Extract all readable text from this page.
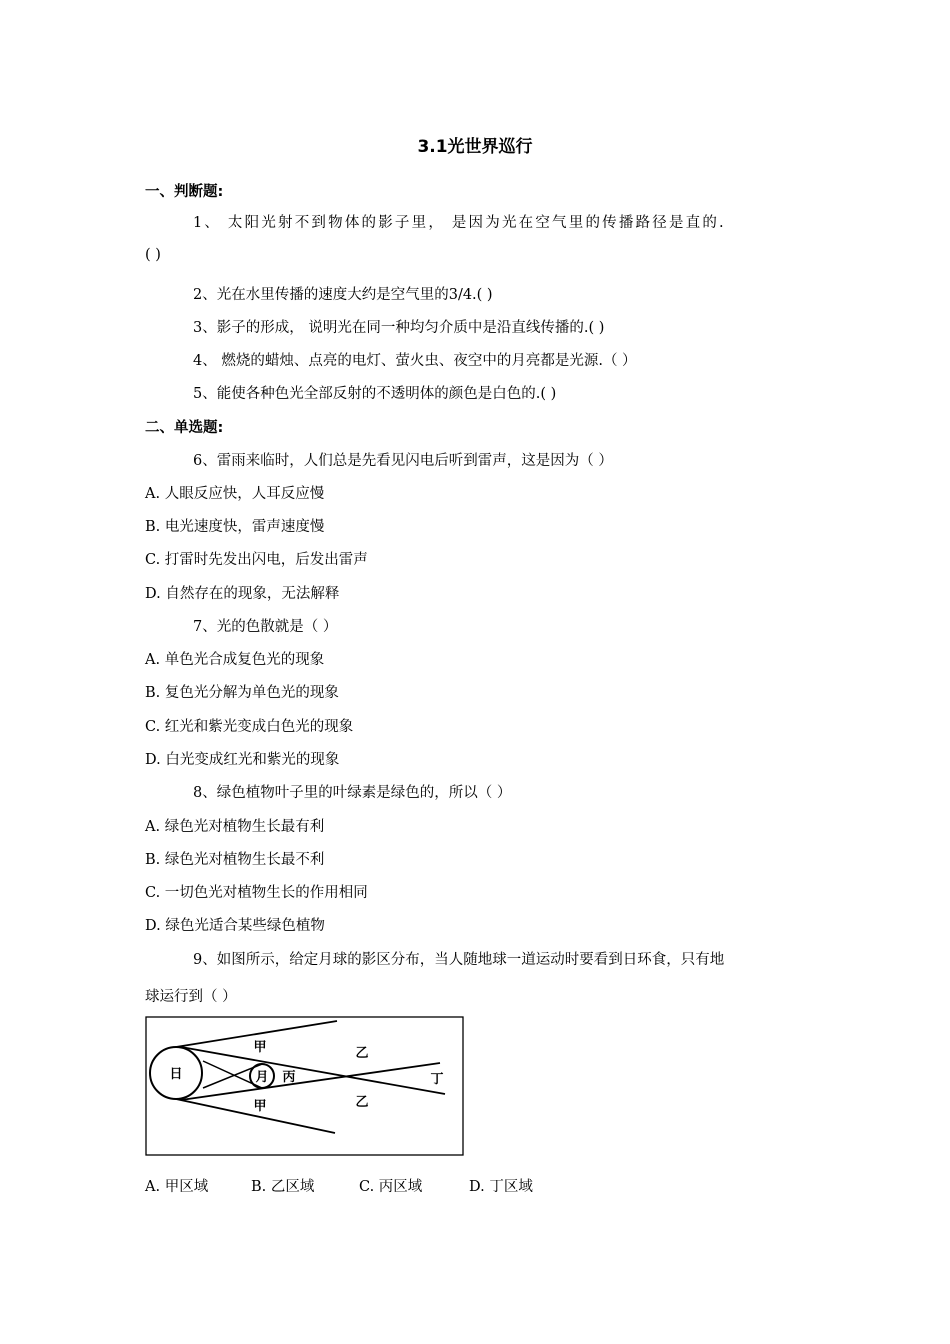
3.1光世界巡行
一、判断题:
1、 太阳光射不到物体的影子里， 是因为光在空气里的传播路径是直的.
( )
2、光在水里传播的速度大约是空气里的3/4.( )
3、影子的形成， 说明光在同一种均匀介质中是沿直线传播的.( )
4、 燃烧的蜡烛、点亮的电灯、萤火虫、夜空中的月亮都是光源.（ ）
5、能使各种色光全部反射的不透明体的颜色是白色的.( )
二、单选题:
6、雷雨来临时，人们总是先看见闪电后听到雷声，这是因为（ ）
A. 人眼反应快，人耳反应慢
B. 电光速度快，雷声速度慢
C. 打雷时先发出闪电，后发出雷声
D. 自然存在的现象，无法解释
7、光的色散就是（ ）
A. 单色光合成复色光的现象
B. 复色光分解为单色光的现象
C. 红光和紫光变成白色光的现象
D. 白光变成红光和紫光的现象
8、绿色植物叶子里的叶绿素是绿色的，所以（ ）
A. 绿色光对植物生长最有利
B. 绿色光对植物生长最不利
C. 一切色光对植物生长的作用相同
D. 绿色光适合某些绿色植物
9、如图所示，给定月球的影区分布，当人随地球一道运动时要看到日环食，只有地
球运行到（ ）
日	月
甲
甲
丙
乙
乙
丁
A. 甲区域	B. 乙区域	C. 丙区域	D. 丁区域
